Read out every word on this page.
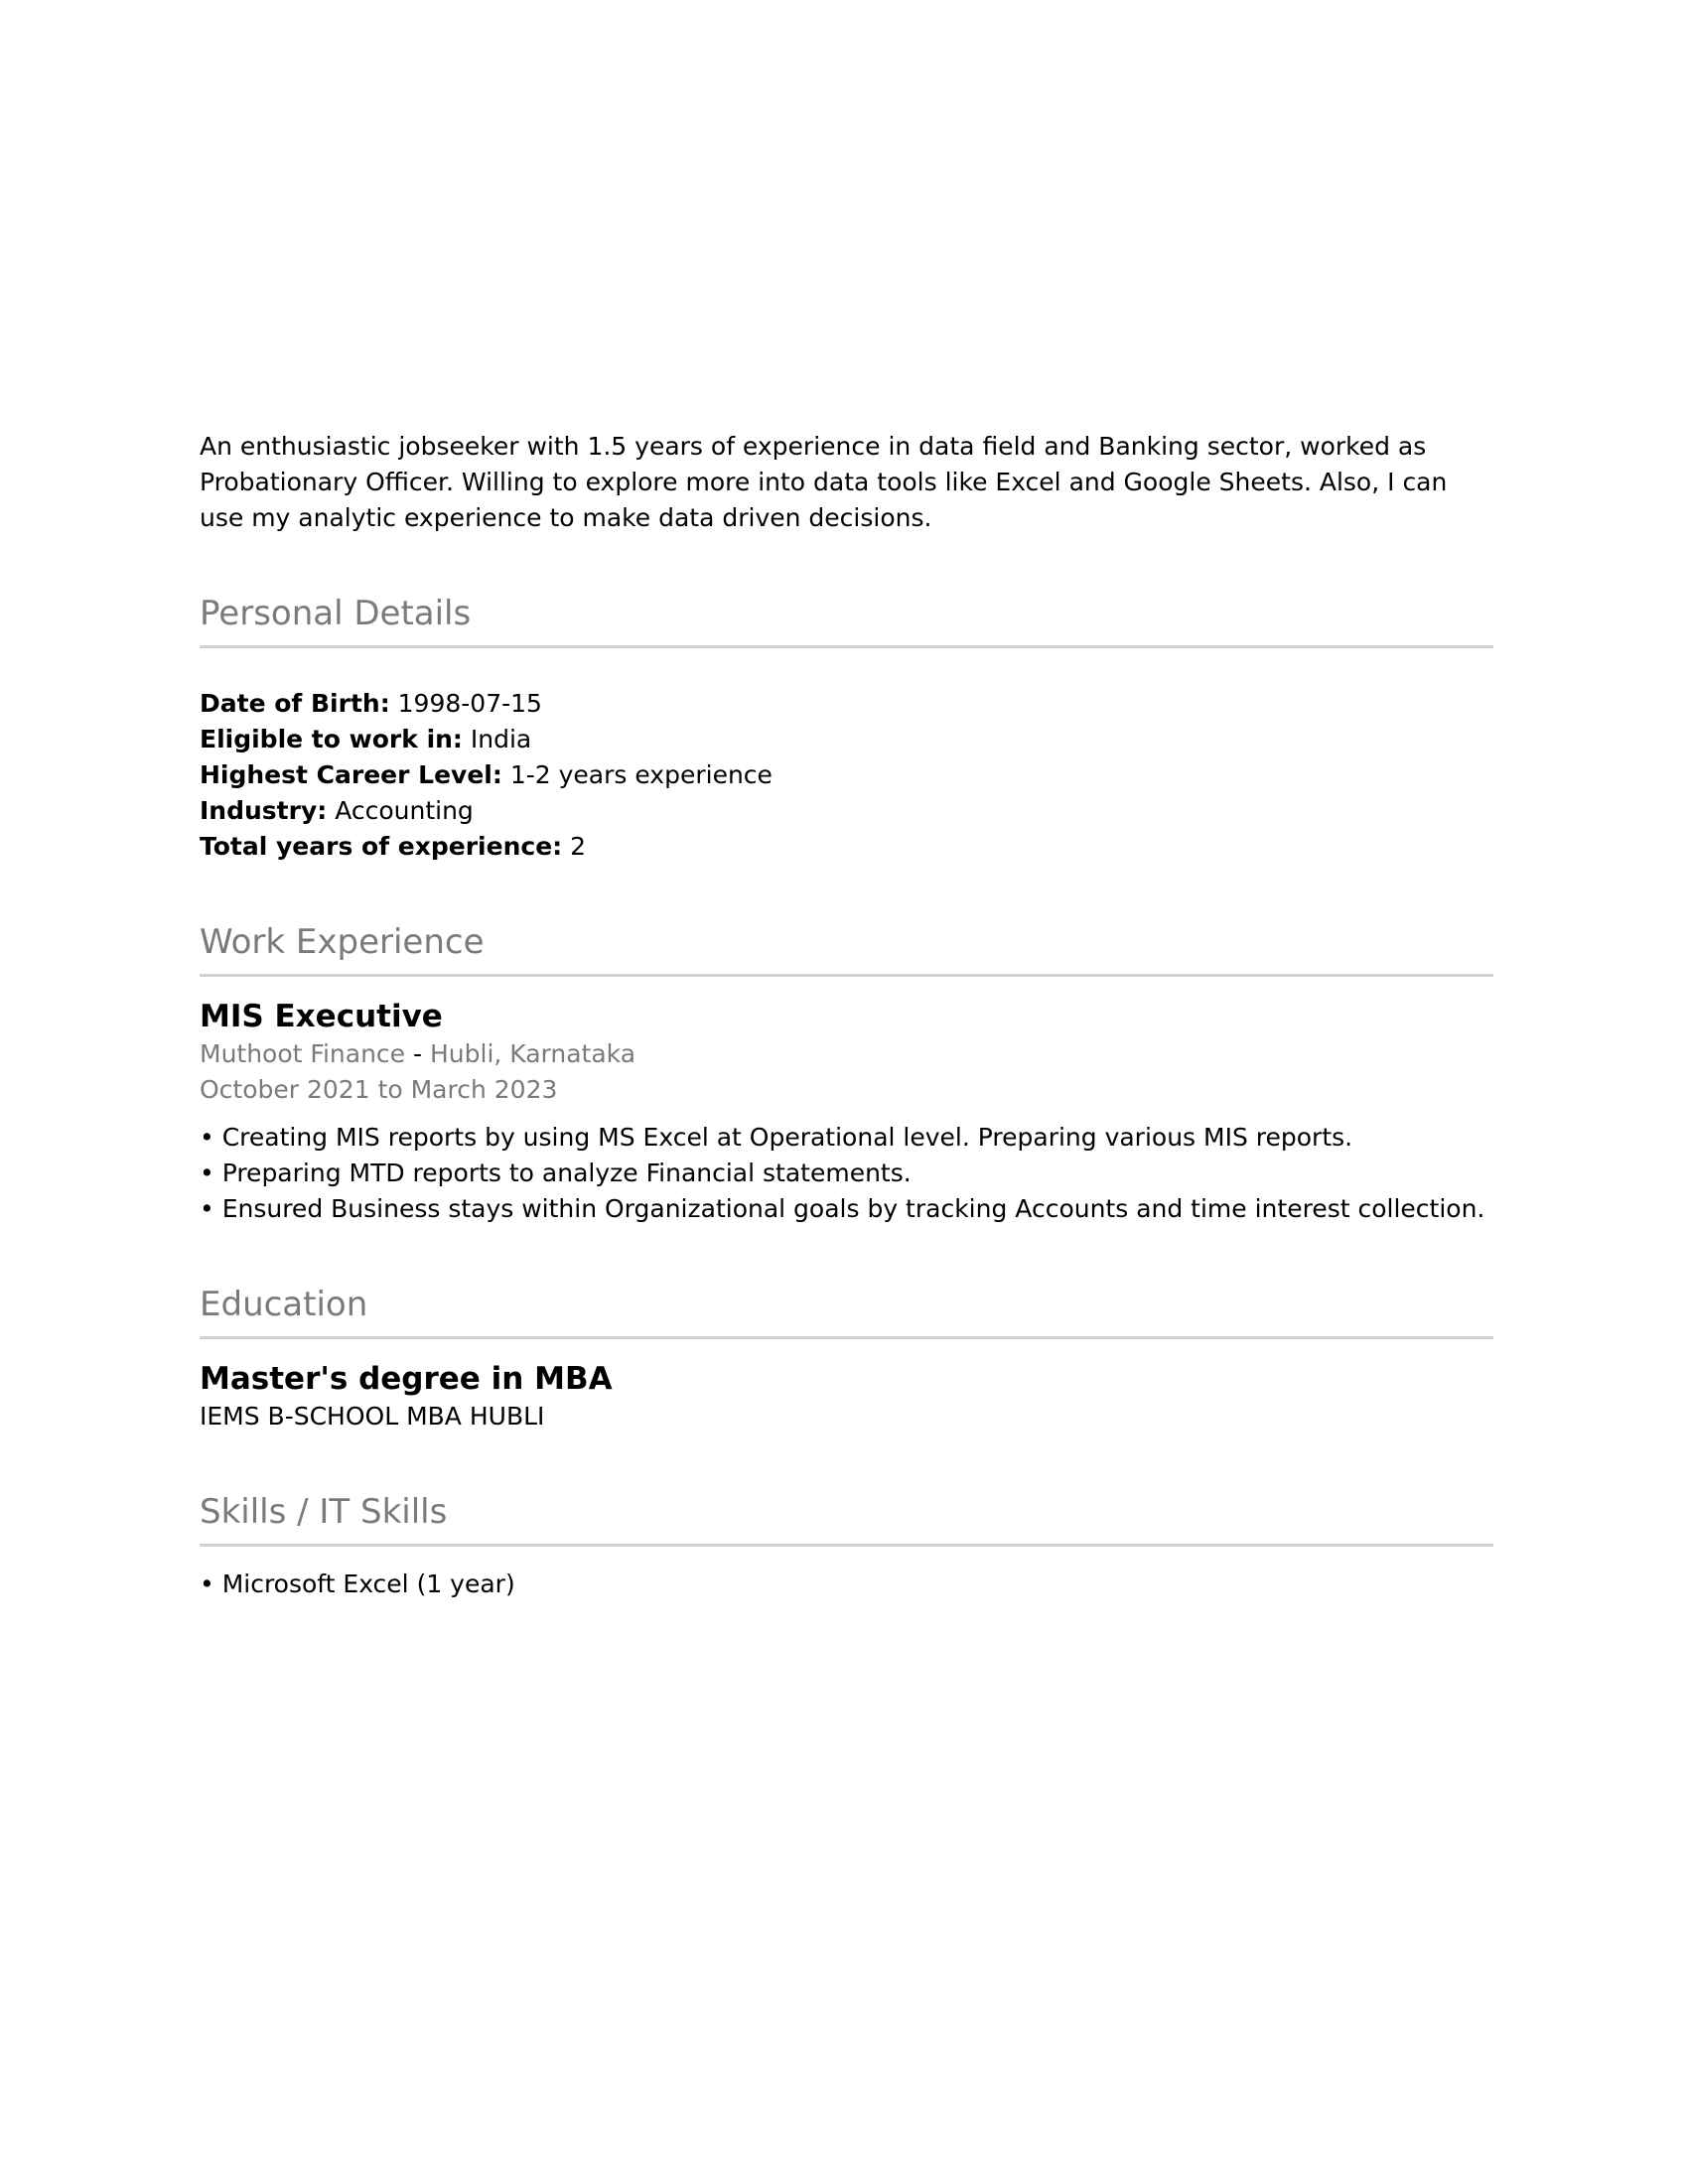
An enthusiastic jobseeker with 1.5 years of experience in data field and Banking sector, worked as Probationary Officer. Willing to explore more into data tools like Excel and Google Sheets. Also, I can use my analytic experience to make data driven decisions.

Personal Details
Date of Birth: 1998-07-15
Eligible to work in: India
Highest Career Level: 1-2 years experience
Industry: Accounting
Total years of experience: 2
Work Experience
MIS Executive
Muthoot Finance - Hubli, Karnataka
October 2021 to March 2023
• Creating MIS reports by using MS Excel at Operational level. Preparing various MIS reports.
• Preparing MTD reports to analyze Financial statements.
• Ensured Business stays within Organizational goals by tracking Accounts and time interest collection.
Education
Master's degree in MBA
IEMS B-SCHOOL MBA HUBLI
Skills / IT Skills
• Microsoft Excel (1 year)
